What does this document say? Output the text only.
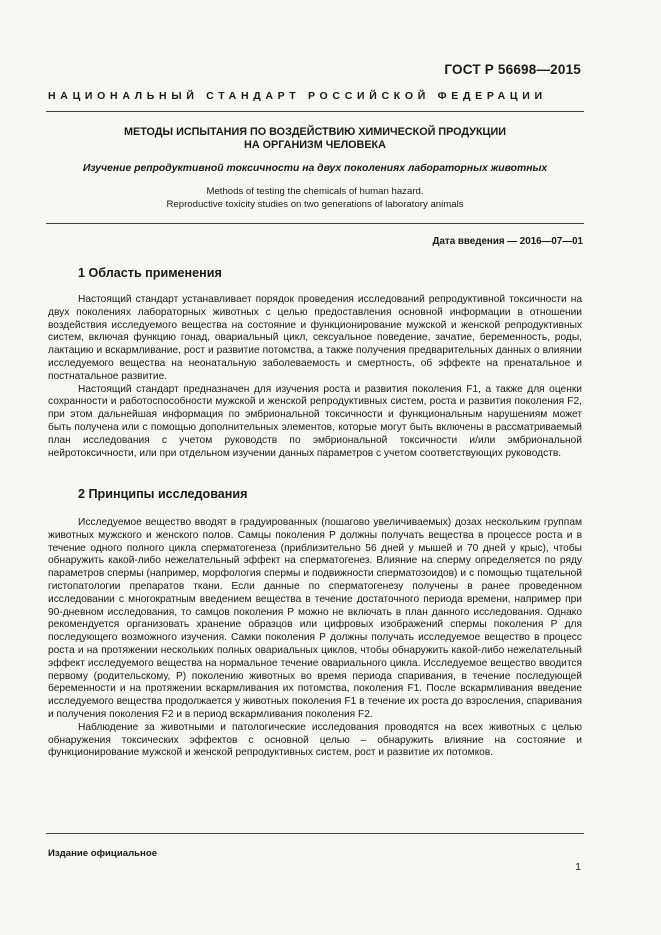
ГОСТ Р 56698—2015
НАЦИОНАЛЬНЫЙ СТАНДАРТ РОССИЙСКОЙ ФЕДЕРАЦИИ
МЕТОДЫ ИСПЫТАНИЯ ПО ВОЗДЕЙСТВИЮ ХИМИЧЕСКОЙ ПРОДУКЦИИ
НА ОРГАНИЗМ ЧЕЛОВЕКА
Изучение репродуктивной токсичности на двух поколениях лабораторных животных
Methods of testing the chemicals of human hazard.
Reproductive toxicity studies on two generations of laboratory animals
Дата введения — 2016—07—01
1 Область применения

Настоящий стандарт устанавливает порядок проведения исследований репродуктивной токсичности на двух поколениях лабораторных животных с целью предоставления основной информации в отношении воздействия исследуемого вещества на состояние и функционирование мужской и женской репродуктивных систем, включая функцию гонад, овариальный цикл, сексуальное поведение, зачатие, беременность, роды, лактацию и вскармливание, рост и развитие потомства, а также получения предварительных данных о влиянии исследуемого вещества на неонатальную заболеваемость и смертность, об эффекте на пренатальное и постнатальное развитие.

Настоящий стандарт предназначен для изучения роста и развития поколения F1, а также для оценки сохранности и работоспособности мужской и женской репродуктивных систем, роста и развития поколения F2, при этом дальнейшая информация по эмбриональной токсичности и функциональным нарушениям может быть получена или с помощью дополнительных элементов, которые могут быть включены в рассматриваемый план исследования с учетом руководств по эмбриональной токсичности и/или эмбриональной нейротоксичности, или при отдельном изучении данных параметров с учетом соответствующих руководств.

2 Принципы исследования

Исследуемое вещество вводят в градуированных (пошагово увеличиваемых) дозах нескольким группам животных мужского и женского полов. Самцы поколения Р должны получать вещества в процессе роста и в течение одного полного цикла сперматогенеза (приблизительно 56 дней у мышей и 70 дней у крыс), чтобы обнаружить какой-либо нежелательный эффект на сперматогенез. Влияние на сперму определяется по ряду параметров спермы (например, морфология спермы и подвижности сперматозоидов) и с помощью тщательной гистопатологии препаратов ткани. Если данные по сперматогенезу получены в ранее проведенном исследовании с многократным введением вещества в течение достаточного периода времени, например при 90-дневном исследования, то самцов поколения Р можно не включать в план данного исследования. Однако рекомендуется организовать хранение образцов или цифровых изображений спермы поколения Р для последующего возможного изучения. Самки поколения Р должны получать исследуемое вещество в процесс роста и на протяжении нескольких полных овариальных циклов, чтобы обнаружить какой-либо нежелательный эффект исследуемого вещества на нормальное течение овариального цикла. Исследуемое вещество вводится первому (родительскому, Р) поколению животных во время периода спаривания, в течение последующей беременности и на протяжении вскармливания их потомства, поколения F1. После вскармливания введение исследуемого вещества продолжается у животных поколения F1 в течение их роста до взросления, спаривания и получения поколения F2 и в период вскармливания поколения F2.

Наблюдение за животными и патологические исследования проводятся на всех животных с целью обнаружения токсических эффектов с основной целью – обнаружить влияние на состояние и функционирование мужской и женской репродуктивных систем, рост и развитие их потомков.

Издание официальное
1
